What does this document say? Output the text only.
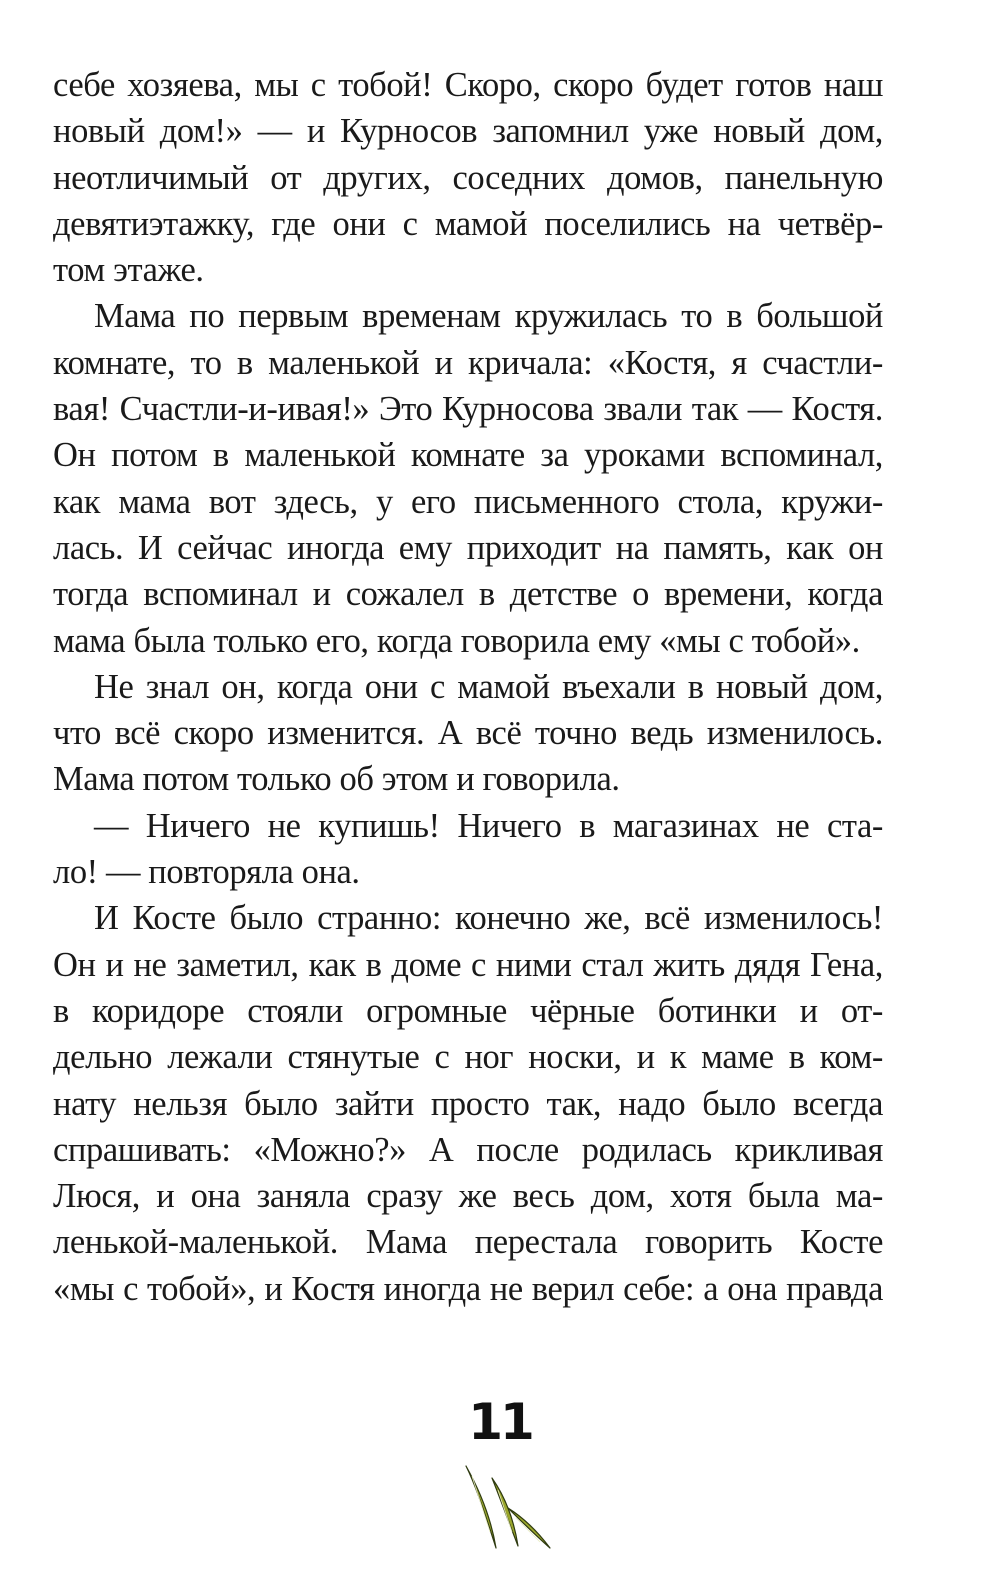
себе хозяева, мы с тобой! Скоро, скоро будет готов наш
новый дом!» — и Курносов запомнил уже новый дом,
неотличимый от других, соседних домов, панельную
девятиэтажку, где они с мамой поселились на четвёр-
том этаже.
Мама по первым временам кружилась то в большой
комнате, то в маленькой и кричала: «Костя, я счастли-
вая! Счастли-и-ивая!» Это Курносова звали так — Костя.
Он потом в маленькой комнате за уроками вспоминал,
как мама вот здесь, у его письменного стола, кружи-
лась. И сейчас иногда ему приходит на память, как он
тогда вспоминал и сожалел в детстве о времени, когда
мама была только его, когда говорила ему «мы с тобой».
Не знал он, когда они с мамой въехали в новый дом,
что всё скоро изменится. А всё точно ведь изменилось.
Мама потом только об этом и говорила.
— Ничего не купишь! Ничего в магазинах не ста-
ло! — повторяла она.
И Косте было странно: конечно же, всё изменилось!
Он и не заметил, как в доме с ними стал жить дядя Гена,
в коридоре стояли огромные чёрные ботинки и от-
дельно лежали стянутые с ног носки, и к маме в ком-
нату нельзя было зайти просто так, надо было всегда
спрашивать: «Можно?» А после родилась крикливая
Люся, и она заняла сразу же весь дом, хотя была ма-
ленькой-маленькой. Мама перестала говорить Косте
«мы с тобой», и Костя иногда не верил себе: а она правда
11
